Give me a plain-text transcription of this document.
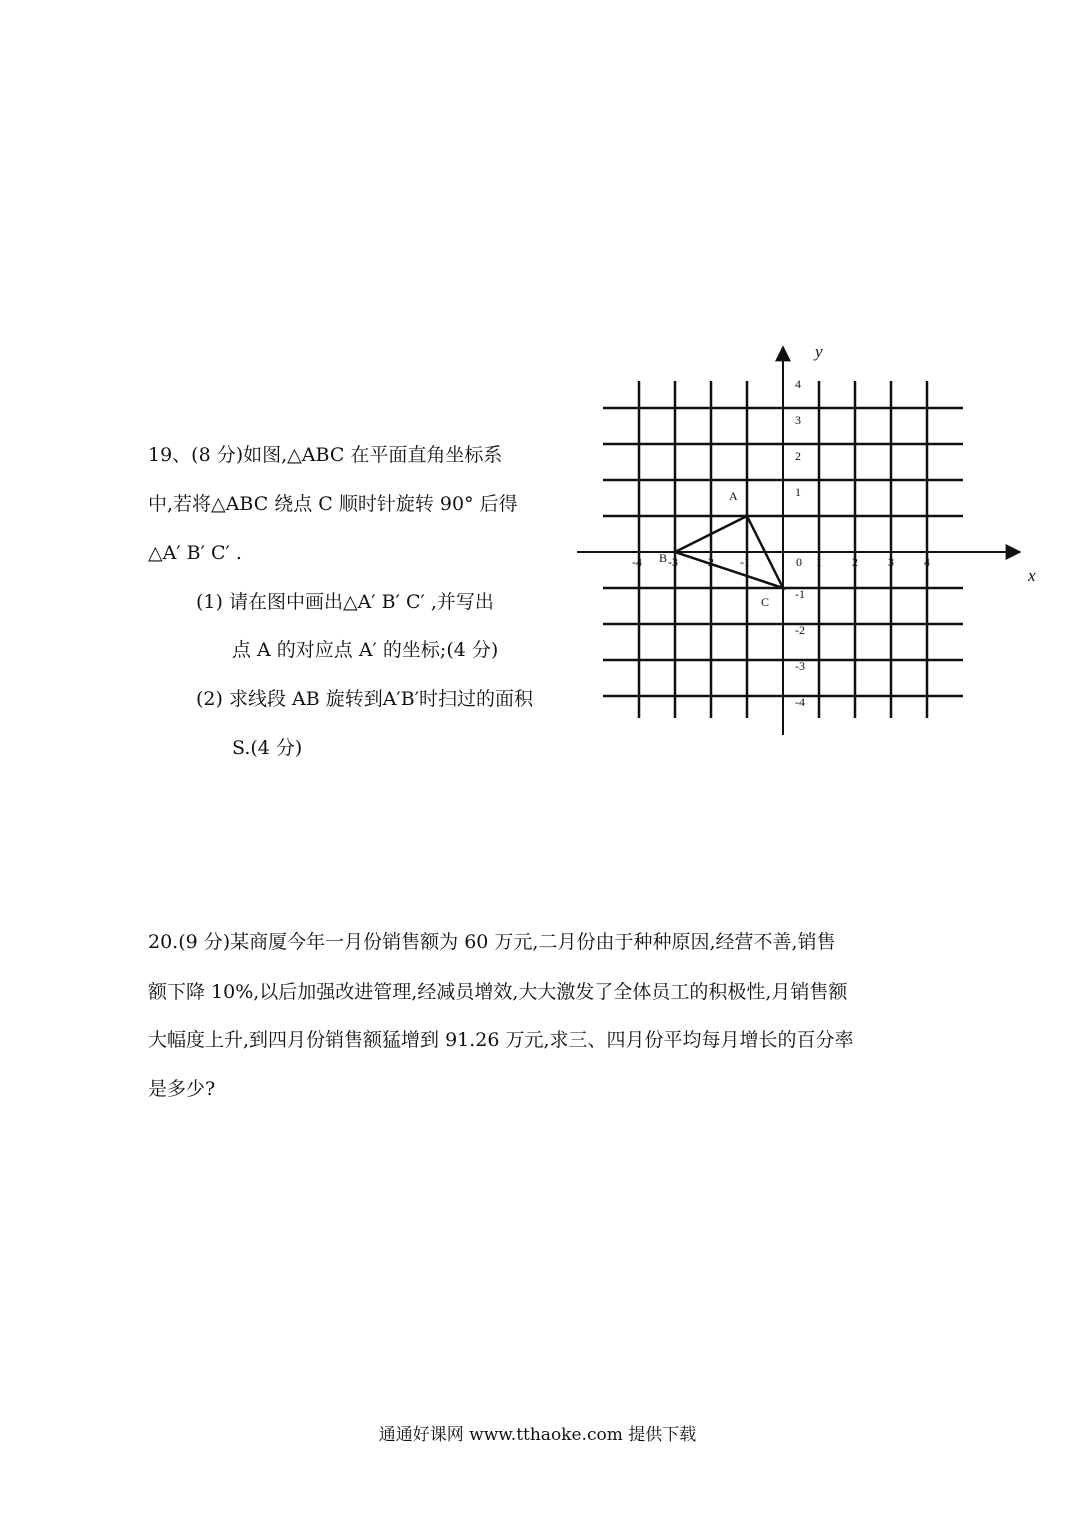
19、(8 分)如图,△ABC 在平面直角坐标系
中,若将△ABC 绕点 C 顺时针旋转 90° 后得
△A′ B′ C′ .
(1) 请在图中画出△A′ B′ C′ ,并写出
点 A 的对应点 A′ 的坐标;(4 分)
(2) 求线段 AB 旋转到A′B′时扫过的面积
S.(4 分)
-4 -3 -2 -1	0 1	2	3	4
4
3
2
1
-1
-2
-3
-4
A
B
C
x
y
20.(9 分)某商厦今年一月份销售额为 60 万元,二月份由于种种原因,经营不善,销售
额下降 10%,以后加强改进管理,经减员增效,大大激发了全体员工的积极性,月销售额
大幅度上升,到四月份销售额猛增到 91.26 万元,求三、四月份平均每月增长的百分率
是多少?
通通好课网 www.tthaoke.com 提供下载
